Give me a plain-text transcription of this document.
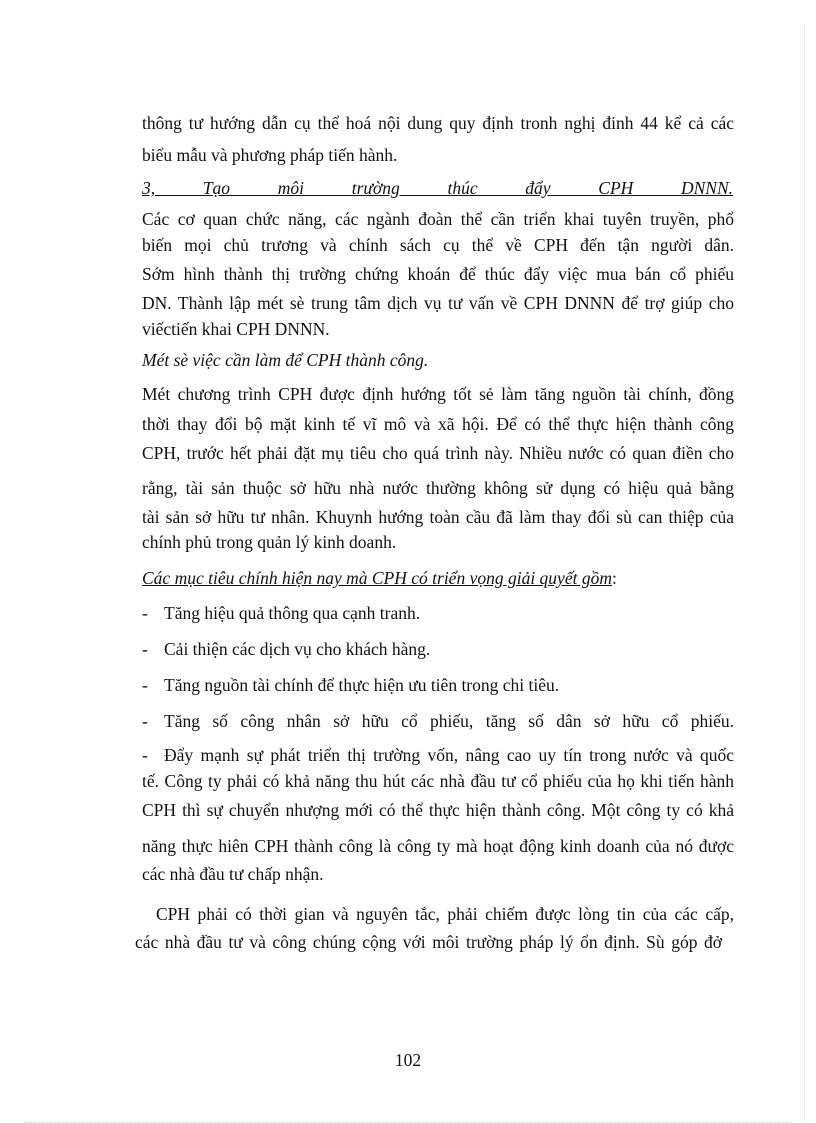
thông tư hướng dẫn cụ thể hoá nội dung quy định tronh nghị đinh 44 kể cả các

biểu mẫu và phương pháp tiến hành.

3, Tạo môi trường thúc đẩy CPH DNNN.

Các cơ quan chức năng, các ngành đoàn thể cần triển khai tuyên truyền, phổ

biến mọi chủ trương và chính sách cụ thể về CPH đến tận người dân.

Sớm hình thành thị trường chứng khoán để thúc đẩy việc mua bán cổ phiếu

DN. Thành lập mét sè trung tâm dịch vụ tư vấn về CPH DNNN để trợ giúp cho

viếctiến khai CPH DNNN.

Mét sè việc cần làm để CPH thành công.

Mét chương trình CPH được định hướng tốt sẻ làm tăng nguồn tài chính, đồng

thời thay đổi bộ mặt kinh tế vĩ mô và xã hội. Để có thể thực hiện thành công

CPH, trước hết phải đặt mụ tiêu cho quá trình này. Nhiều nước có quan điền cho

rằng, tài sản thuộc sở hữu nhà nước thường không sử dụng có hiệu quả bằng

tài sản sở hữu tư nhân. Khuynh hướng toàn cầu đã làm thay đổi sù can thiệp của

chính phủ trong quản lý kinh doanh.

Các mục tiêu chính hiện nay mà CPH có triển vọng giải quyết gồm:

- Tăng hiệu quả thông qua cạnh tranh.

- Cải thiện các dịch vụ cho khách hàng.

- Tăng nguồn tài chính để thực hiện ưu tiên trong chi tiêu.

- Tăng số công nhân sở hữu cổ phiếu, tăng số dân sở hữu cổ phiếu.

- Đẩy mạnh sự phát triển thị trường vốn, nâng cao uy tín trong nước và quốc

tế. Công ty phải có khả năng thu hút các nhà đầu tư cổ phiếu của họ khi tiến hành

CPH thì sự chuyển nhượng mới có thể thực hiện thành công. Một công ty có khả

năng thực hiên CPH thành công là công ty mà hoạt động kinh doanh của nó được

các nhà đầu tư chấp nhận.

CPH phải có thời gian và nguyên tắc, phải chiếm được lòng tin của các cấp,

các nhà đầu tư và công chúng cộng với môi trường pháp lý ổn định. Sù góp đở

102
